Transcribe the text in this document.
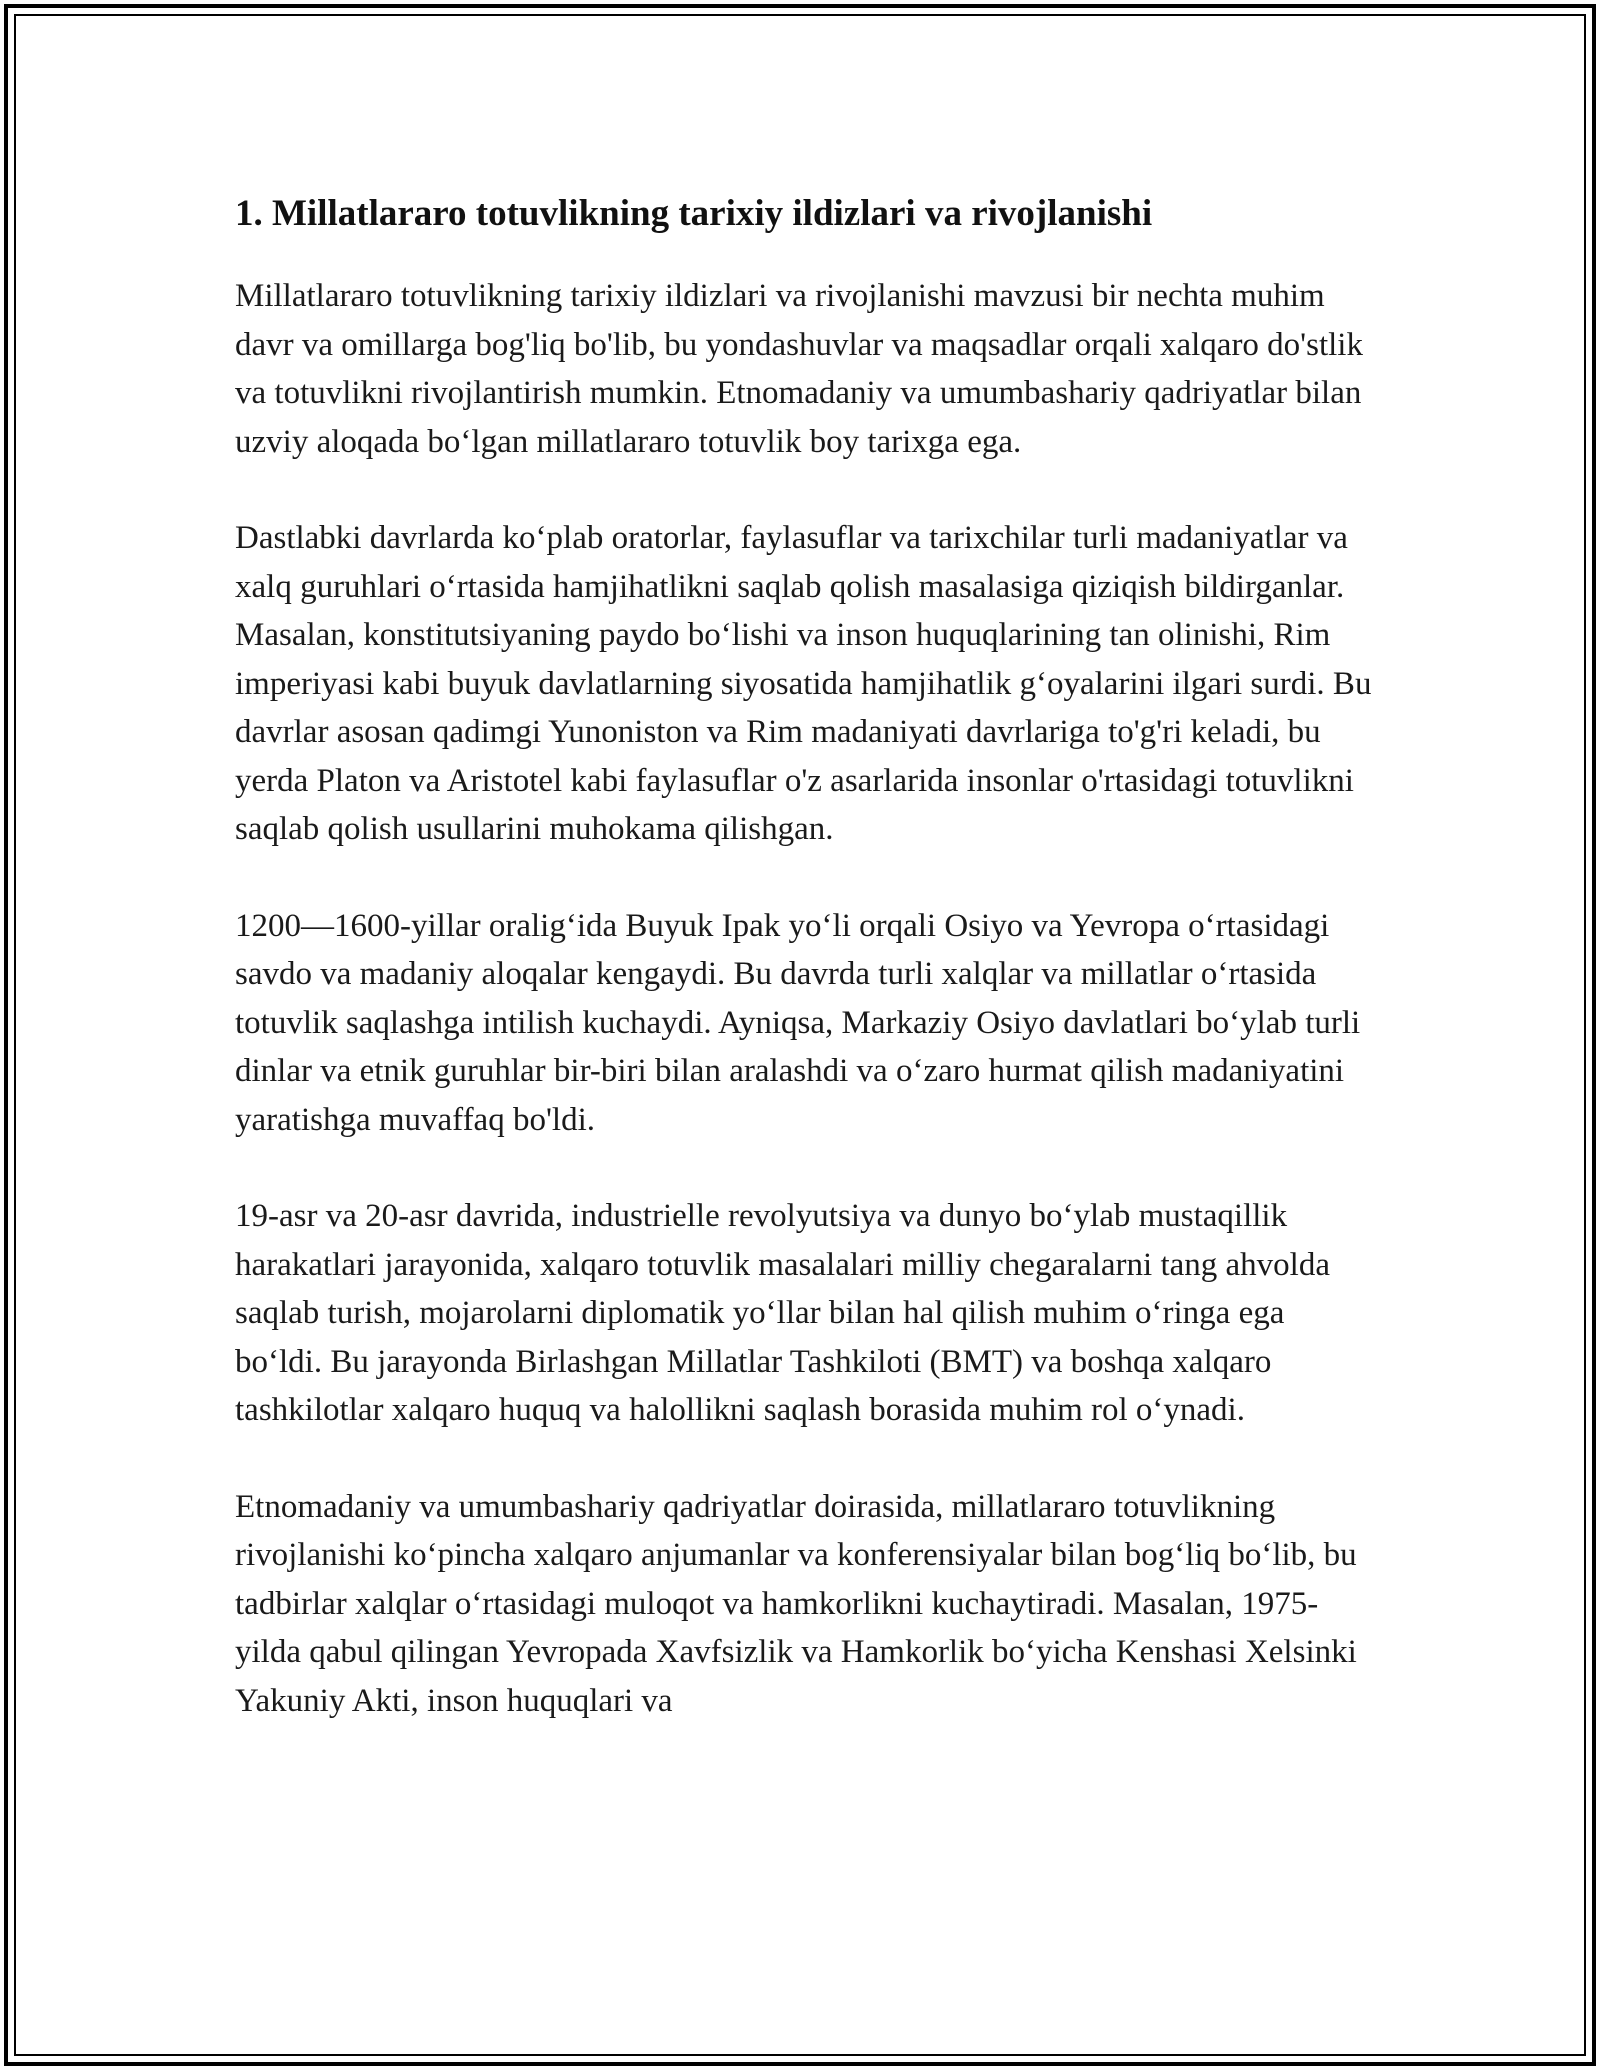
1. Millatlararo totuvlikning tarixiy ildizlari va rivojlanishi

Millatlararo totuvlikning tarixiy ildizlari va rivojlanishi mavzusi bir nechta muhim davr va omillarga bog'liq bo'lib, bu yondashuvlar va maqsadlar orqali xalqaro do'stlik va totuvlikni rivojlantirish mumkin. Etnomadaniy va umumbashariy qadriyatlar bilan uzviy aloqada boʻlgan millatlararo totuvlik boy tarixga ega.

Dastlabki davrlarda koʻplab oratorlar, faylasuflar va tarixchilar turli madaniyatlar va xalq guruhlari oʻrtasida hamjihatlikni saqlab qolish masalasiga qiziqish bildirganlar. Masalan, konstitutsiyaning paydo boʻlishi va inson huquqlarining tan olinishi, Rim imperiyasi kabi buyuk davlatlarning siyosatida hamjihatlik gʻoyalarini ilgari surdi. Bu davrlar asosan qadimgi Yunoniston va Rim madaniyati davrlariga to'g'ri keladi, bu yerda Platon va Aristotel kabi faylasuflar o'z asarlarida insonlar o'rtasidagi totuvlikni saqlab qolish usullarini muhokama qilishgan.

1200—1600-yillar oraligʻida Buyuk Ipak yoʻli orqali Osiyo va Yevropa oʻrtasidagi savdo va madaniy aloqalar kengaydi. Bu davrda turli xalqlar va millatlar oʻrtasida totuvlik saqlashga intilish kuchaydi. Ayniqsa, Markaziy Osiyo davlatlari boʻylab turli dinlar va etnik guruhlar bir-biri bilan aralashdi va oʻzaro hurmat qilish madaniyatini yaratishga muvaffaq bo'ldi.

19-asr va 20-asr davrida, industrielle revolyutsiya va dunyo boʻylab mustaqillik harakatlari jarayonida, xalqaro totuvlik masalalari milliy chegaralarni tang ahvolda saqlab turish, mojarolarni diplomatik yoʻllar bilan hal qilish muhim oʻringa ega boʻldi. Bu jarayonda Birlashgan Millatlar Tashkiloti (BMT) va boshqa xalqaro tashkilotlar xalqaro huquq va halollikni saqlash borasida muhim rol oʻynadi.

Etnomadaniy va umumbashariy qadriyatlar doirasida, millatlararo totuvlikning rivojlanishi koʻpincha xalqaro anjumanlar va konferensiyalar bilan bogʻliq boʻlib, bu tadbirlar xalqlar oʻrtasidagi muloqot va hamkorlikni kuchaytiradi. Masalan, 1975-yilda qabul qilingan Yevropada Xavfsizlik va Hamkorlik boʻyicha Kenshasi Xelsinki Yakuniy Akti, inson huquqlari va
